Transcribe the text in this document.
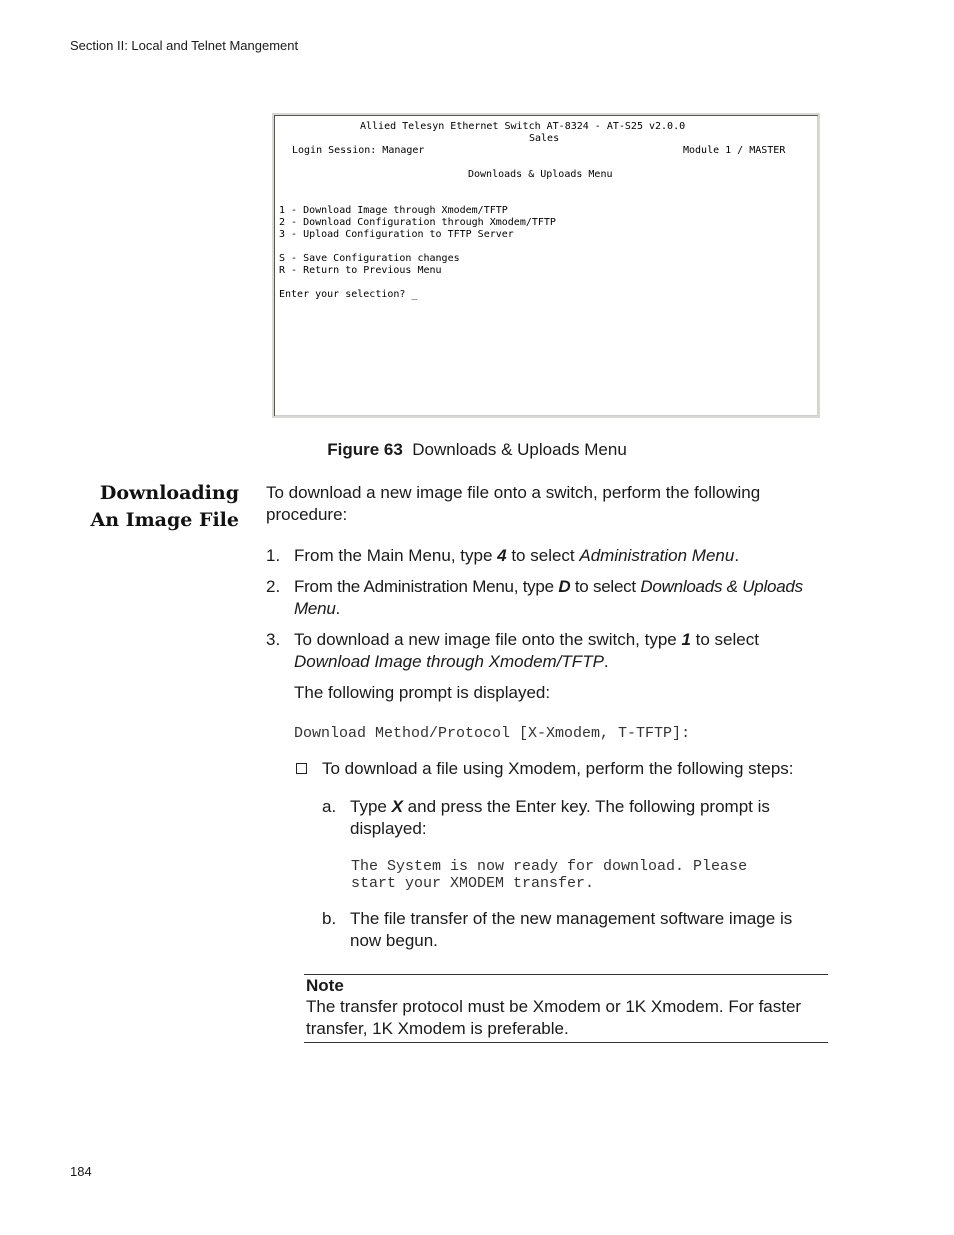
Section II: Local and Telnet Mangement
Allied Telesyn Ethernet Switch AT-8324 - AT-S25 v2.0.0
Sales
Login Session: Manager	Module 1 / MASTER
Downloads & Uploads Menu
1 - Download Image through Xmodem/TFTP
2 - Download Configuration through Xmodem/TFTP
3 - Upload Configuration to TFTP Server
S - Save Configuration changes
R - Return to Previous Menu
Enter your selection? _
Figure 63 Downloads & Uploads Menu
Downloading
An Image File
To download a new image file onto a switch, perform the following procedure:
1. From the Main Menu, type 4 to select Administration Menu.
2. From the Administration Menu, type D to select Downloads & Uploads Menu.
3. To download a new image file onto the switch, type 1 to select Download Image through Xmodem/TFTP.
The following prompt is displayed:
Download Method/Protocol [X-Xmodem, T-TFTP]:
To download a file using Xmodem, perform the following steps:
a. Type X and press the Enter key. The following prompt is displayed:
The System is now ready for download. Please
start your XMODEM transfer.
b. The file transfer of the new management software image is now begun.
Note
The transfer protocol must be Xmodem or 1K Xmodem. For faster transfer, 1K Xmodem is preferable.
184
